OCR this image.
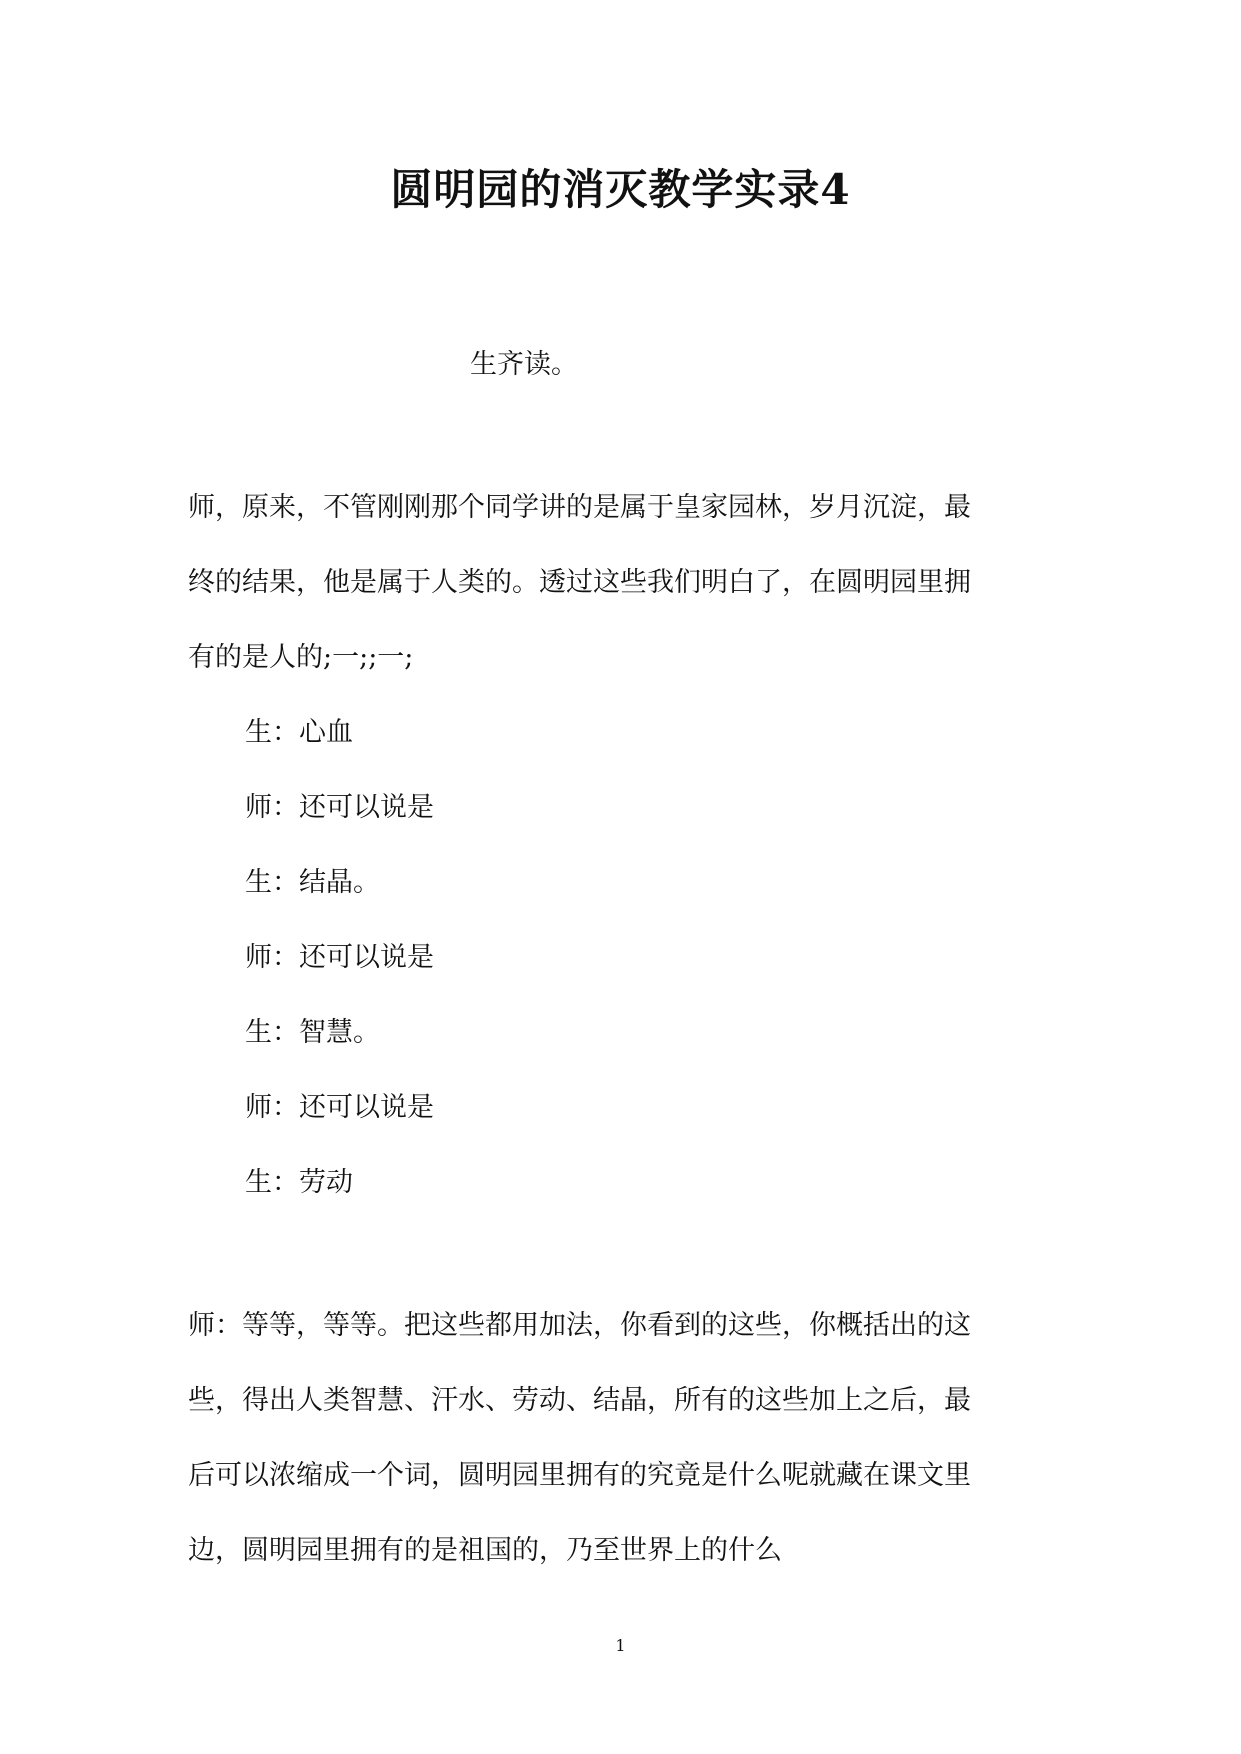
圆明园的消灭教学实录4
生齐读。
师，原来，不管刚刚那个同学讲的是属于皇家园林，岁月沉淀，最
终的结果，他是属于人类的。透过这些我们明白了，在圆明园里拥
有的是人的;一;;一;
生：心血
师：还可以说是
生：结晶。
师：还可以说是
生：智慧。
师：还可以说是
生：劳动
师：等等，等等。把这些都用加法，你看到的这些，你概括出的这
些，得出人类智慧、汗水、劳动、结晶，所有的这些加上之后，最
后可以浓缩成一个词，圆明园里拥有的究竟是什么呢就藏在课文里
边，圆明园里拥有的是祖国的，乃至世界上的什么
1
